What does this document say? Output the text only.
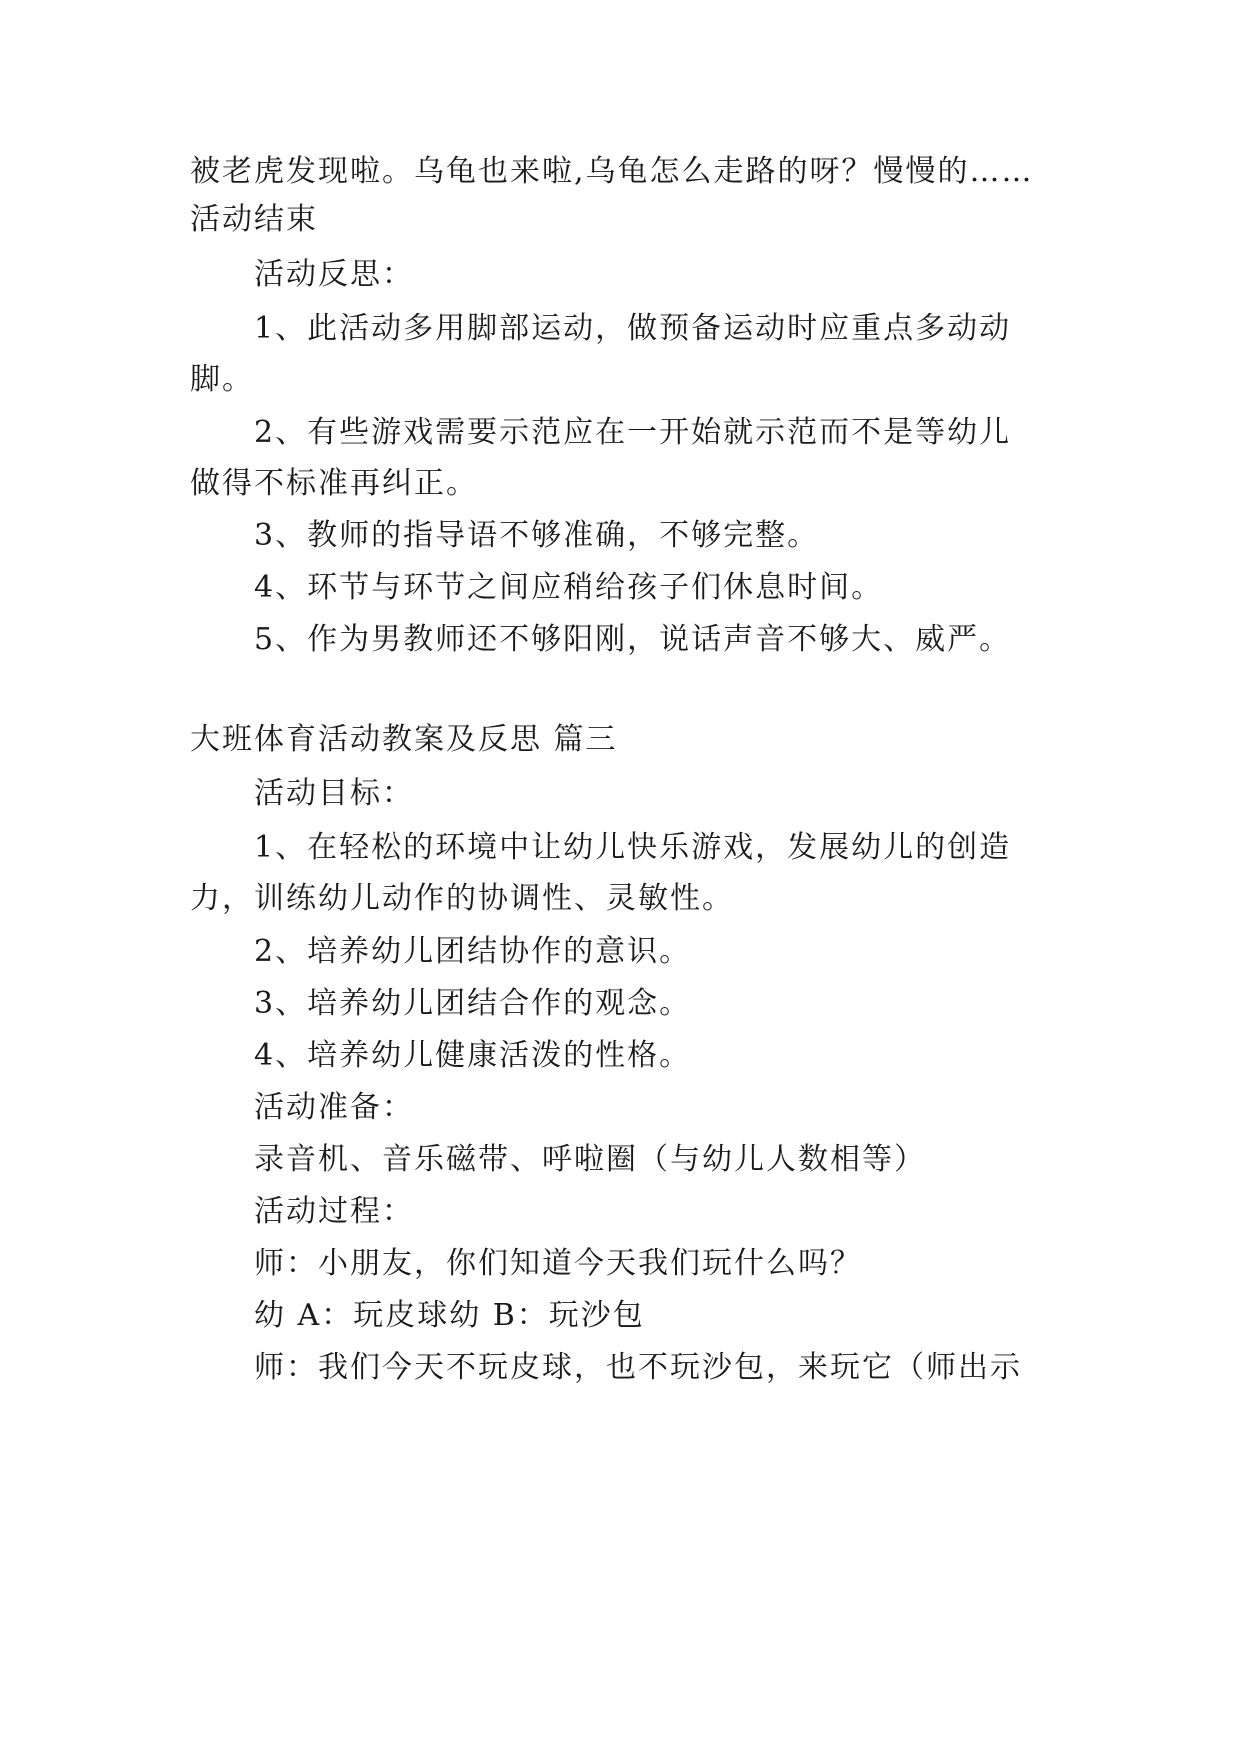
被老虎发现啦。乌龟也来啦,乌龟怎么走路的呀？慢慢的……
活动结束
活动反思：
1、此活动多用脚部运动，做预备运动时应重点多动动
脚。
2、有些游戏需要示范应在一开始就示范而不是等幼儿
做得不标准再纠正。
3、教师的指导语不够准确，不够完整。
4、环节与环节之间应稍给孩子们休息时间。
5、作为男教师还不够阳刚，说话声音不够大、威严。
大班体育活动教案及反思 篇三
活动目标：
1、在轻松的环境中让幼儿快乐游戏，发展幼儿的创造
力，训练幼儿动作的协调性、灵敏性。
2、培养幼儿团结协作的意识。
3、培养幼儿团结合作的观念。
4、培养幼儿健康活泼的性格。
活动准备：
录音机、音乐磁带、呼啦圈（与幼儿人数相等）
活动过程：
师：小朋友，你们知道今天我们玩什么吗？
幼 A：玩皮球幼 B：玩沙包
师：我们今天不玩皮球，也不玩沙包，来玩它（师出示
